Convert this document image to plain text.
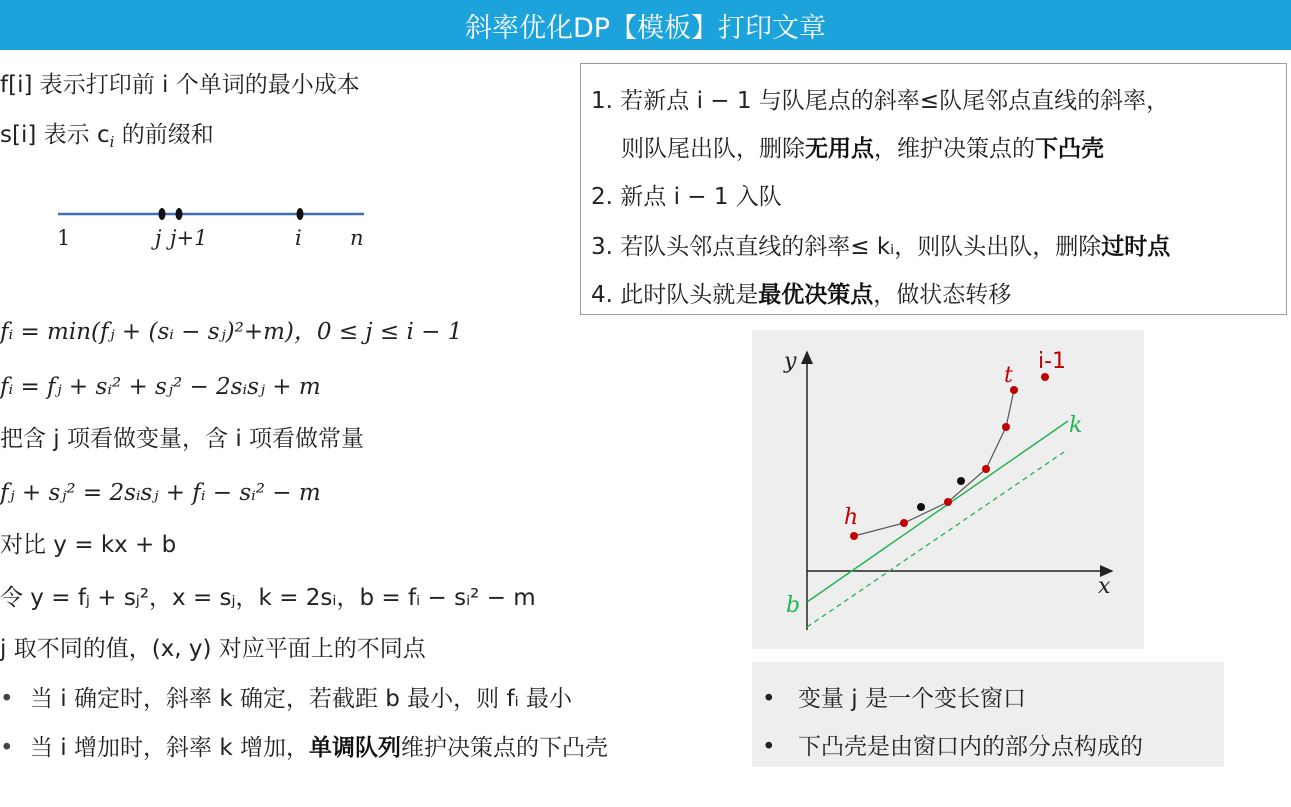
斜率优化DP【模板】打印文章
f[i] 表示打印前 i 个单词的最小成本
s[i] 表示 $c_i$ 的前缀和
1	j j+1	i n
fᵢ = min(fⱼ + (sᵢ − sⱼ)²+m)，0 ≤ j ≤ i − 1
fᵢ = fⱼ + sᵢ² + sⱼ² − 2sᵢsⱼ + m
把含 j 项看做变量，含 i 项看做常量
fⱼ + sⱼ² = 2sᵢsⱼ + fᵢ − sᵢ² − m
对比 y = kx + b
令 y = fⱼ + sⱼ²，x = sⱼ，k = 2sᵢ，b = fᵢ − sᵢ² − m
j 取不同的值，(x, y) 对应平面上的不同点
• 当 i 确定时，斜率 k 确定，若截距 b 最小，则 fᵢ 最小
• 当 i 增加时，斜率 k 增加，单调队列维护决策点的下凸壳
1. 若新点 i − 1 与队尾点的斜率≤队尾邻点直线的斜率，
则队尾出队，删除无用点，维护决策点的下凸壳
2. 新点 i − 1 入队
3. 若队头邻点直线的斜率≤ kᵢ，则队头出队，删除过时点
4. 此时队头就是最优决策点，做状态转移
y
x
t
i-1
k
h
b
• 变量 j 是一个变长窗口
• 下凸壳是由窗口内的部分点构成的
